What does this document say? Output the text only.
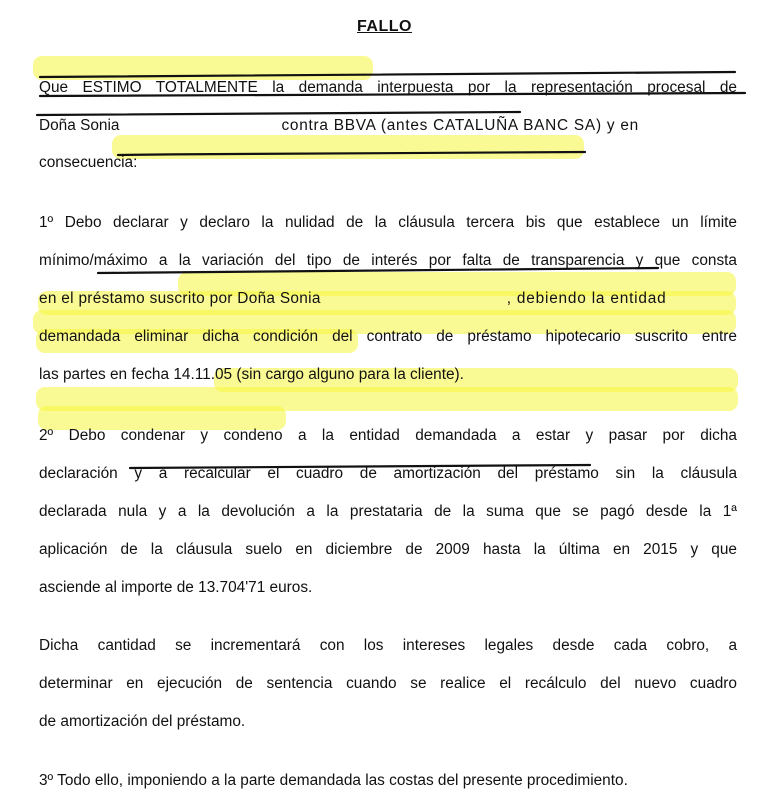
FALLO
Que ESTIMO TOTALMENTE la demanda interpuesta por la representación procesal de
Doña Sonia	contra BBVA (antes CATALUÑA BANC SA) y en
consecuencia:
1º Debo declarar y declaro la nulidad de la cláusula tercera bis que establece un límite
mínimo/máximo a la variación del tipo de interés por falta de transparencia y que consta
en el préstamo suscrito por Doña Sonia	, debiendo la entidad
demandada eliminar dicha condición del contrato de préstamo hipotecario suscrito entre
las partes en fecha 14.11.05 (sin cargo alguno para la cliente).
2º Debo condenar y condeno a la entidad demandada a estar y pasar por dicha
declaración y a recalcular el cuadro de amortización del préstamo sin la cláusula
declarada nula y a la devolución a la prestataria de la suma que se pagó desde la 1ª
aplicación de la cláusula suelo en diciembre de 2009 hasta la última en 2015 y que
asciende al importe de 13.704'71 euros.
Dicha cantidad se incrementará con los intereses legales desde cada cobro, a
determinar en ejecución de sentencia cuando se realice el recálculo del nuevo cuadro
de amortización del préstamo.
3º Todo ello, imponiendo a la parte demandada las costas del presente procedimiento.
